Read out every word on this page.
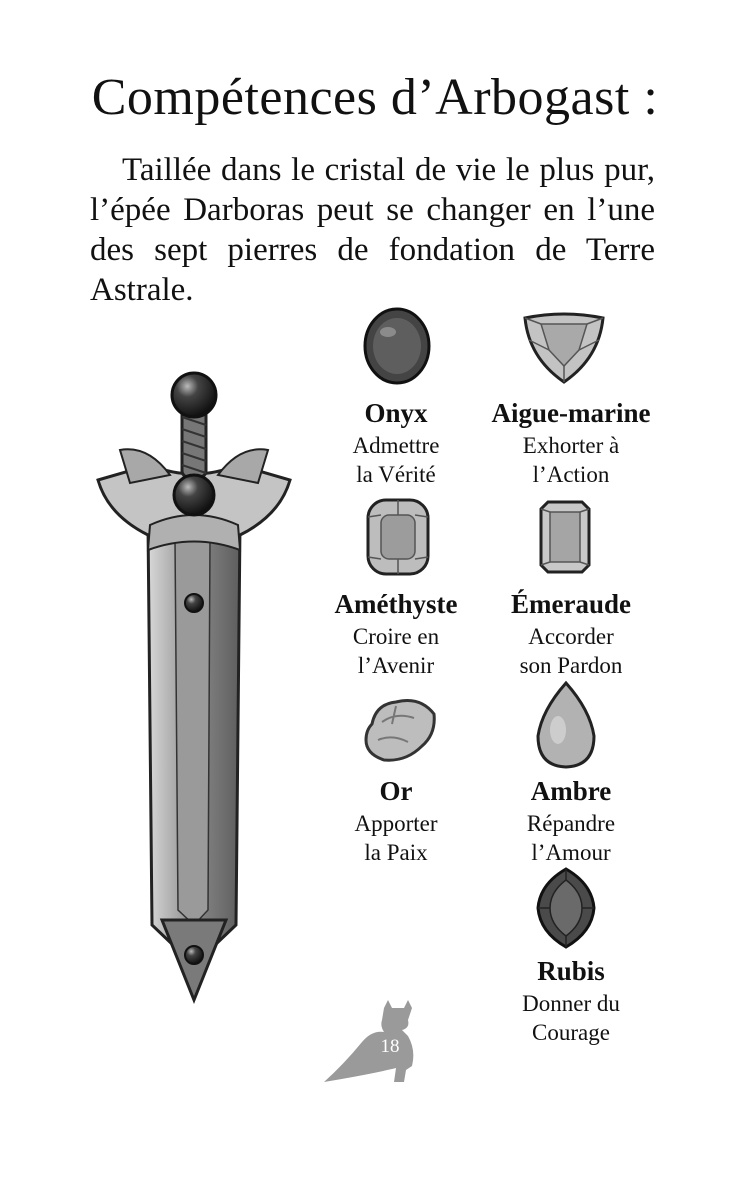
Compétences d’Arbogast :
Taillée dans le cristal de vie le plus pur, l’épée Darboras peut se changer en l’une des sept pierres de fondation de Terre Astrale.
Onyx
Admettre
la Vérité
Aigue-marine
Exhorter à
l’Action
Améthyste
Croire en
l’Avenir
Émeraude
Accorder
son Pardon
Or
Apporter
la Paix
Ambre
Répandre
l’Amour
Rubis
Donner du
Courage
18
